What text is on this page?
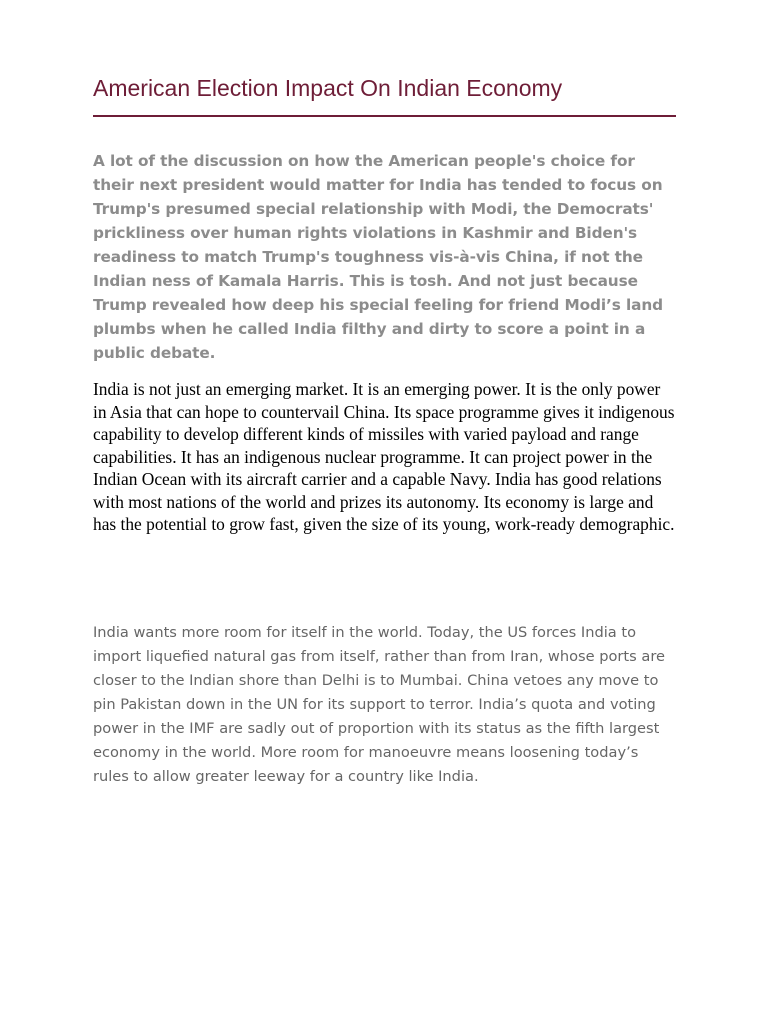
American Election Impact On Indian Economy

A lot of the discussion on how the American people's choice for their next president would matter for India has tended to focus on Trump's presumed special relationship with Modi, the Democrats' prickliness over human rights violations in Kashmir and Biden's readiness to match Trump's toughness vis-à-vis China, if not the Indian ness of Kamala Harris. This is tosh. And not just because Trump revealed how deep his special feeling for friend Modi’s land plumbs when he called India filthy and dirty to score a point in a public debate.

India is not just an emerging market. It is an emerging power. It is the only power in Asia that can hope to countervail China. Its space programme gives it indigenous capability to develop different kinds of missiles with varied payload and range capabilities. It has an indigenous nuclear programme. It can project power in the Indian Ocean with its aircraft carrier and a capable Navy. India has good relations with most nations of the world and prizes its autonomy. Its economy is large and has the potential to grow fast, given the size of its young, work-ready demographic.

India wants more room for itself in the world. Today, the US forces India to import liquefied natural gas from itself, rather than from Iran, whose ports are closer to the Indian shore than Delhi is to Mumbai. China vetoes any move to pin Pakistan down in the UN for its support to terror. India’s quota and voting power in the IMF are sadly out of proportion with its status as the fifth largest economy in the world. More room for manoeuvre means loosening today’s rules to allow greater leeway for a country like India.
